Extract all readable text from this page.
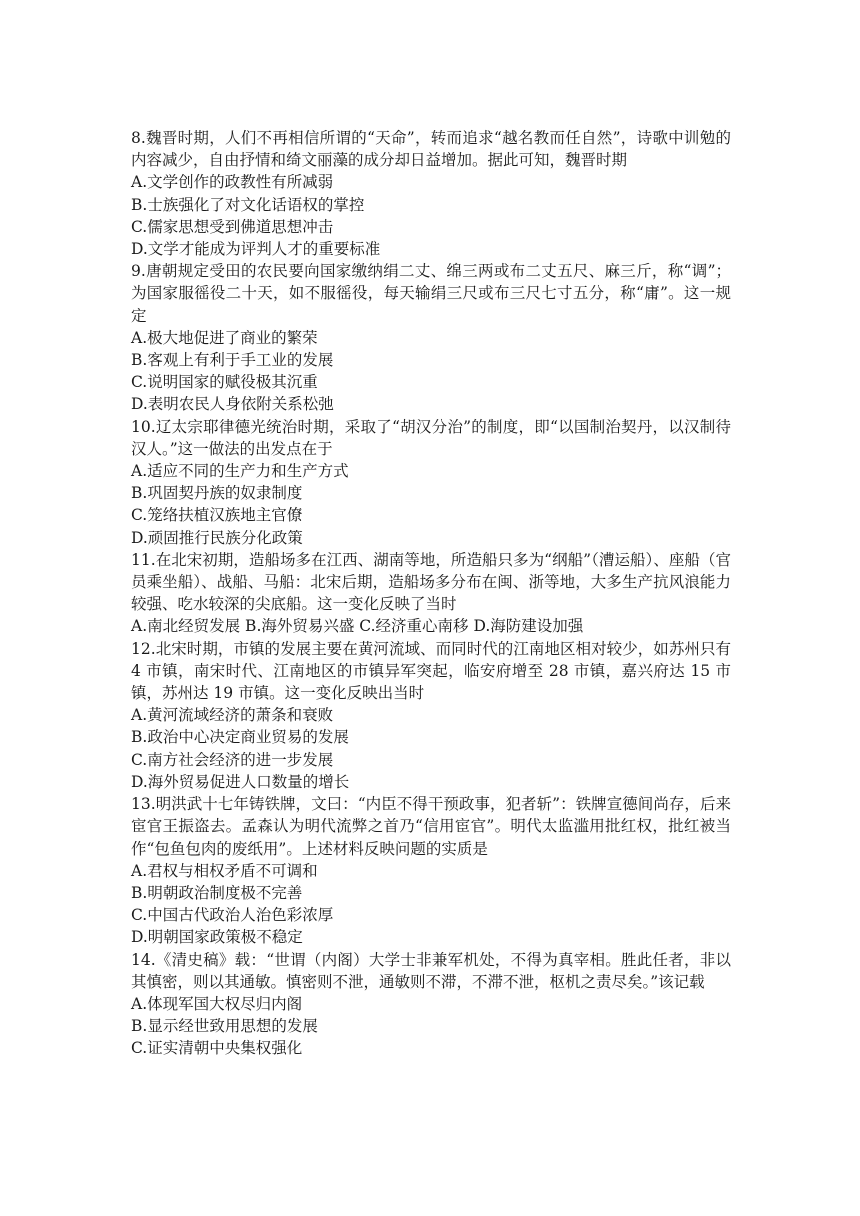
8.魏晋时期，人们不再相信所谓的“天命”，转而追求“越名教而任自然”，诗歌中训勉的内容减少，自由抒情和绮文丽藻的成分却日益增加。据此可知，魏晋时期

A.文学创作的政教性有所减弱

B.士族强化了对文化话语权的掌控

C.儒家思想受到佛道思想冲击

D.文学才能成为评判人才的重要标准

9.唐朝规定受田的农民要向国家缴纳绢二丈、绵三两或布二丈五尺、麻三斤，称“调”；为国家服徭役二十天，如不服徭役，每天输绢三尺或布三尺七寸五分，称“庸”。这一规定

A.极大地促进了商业的繁荣

B.客观上有利于手工业的发展

C.说明国家的赋役极其沉重

D.表明农民人身依附关系松弛

10.辽太宗耶律德光统治时期，采取了“胡汉分治”的制度，即“以国制治契丹，以汉制待汉人。”这一做法的出发点在于

A.适应不同的生产力和生产方式

B.巩固契丹族的奴隶制度

C.笼络扶植汉族地主官僚

D.顽固推行民族分化政策

11.在北宋初期，造船场多在江西、湖南等地，所造船只多为“纲船”（漕运船）、座船（官员乘坐船）、战船、马船：北宋后期，造船场多分布在闽、浙等地，大多生产抗风浪能力较强、吃水较深的尖底船。这一变化反映了当时

A.南北经贸发展 B.海外贸易兴盛 C.经济重心南移 D.海防建设加强

12.北宋时期，市镇的发展主要在黄河流域、而同时代的江南地区相对较少，如苏州只有 4 市镇，南宋时代、江南地区的市镇异军突起，临安府增至 28 市镇，嘉兴府达 15 市镇，苏州达 19 市镇。这一变化反映出当时

A.黄河流域经济的萧条和衰败

B.政治中心决定商业贸易的发展

C.南方社会经济的进一步发展

D.海外贸易促进人口数量的增长

13.明洪武十七年铸铁牌，文曰：“内臣不得干预政事，犯者斩”：铁牌宣德间尚存，后来宦官王振盗去。孟森认为明代流弊之首乃“信用宦官”。明代太监滥用批红权，批红被当作“包鱼包肉的废纸用”。上述材料反映问题的实质是

A.君权与相权矛盾不可调和

B.明朝政治制度极不完善

C.中国古代政治人治色彩浓厚

D.明朝国家政策极不稳定

14.《清史稿》载：“世谓（内阁）大学士非兼军机处，不得为真宰相。胜此任者，非以其慎密，则以其通敏。慎密则不泄，通敏则不滞，不滞不泄，枢机之责尽矣。”该记载

A.体现军国大权尽归内阁

B.显示经世致用思想的发展

C.证实清朝中央集权强化
